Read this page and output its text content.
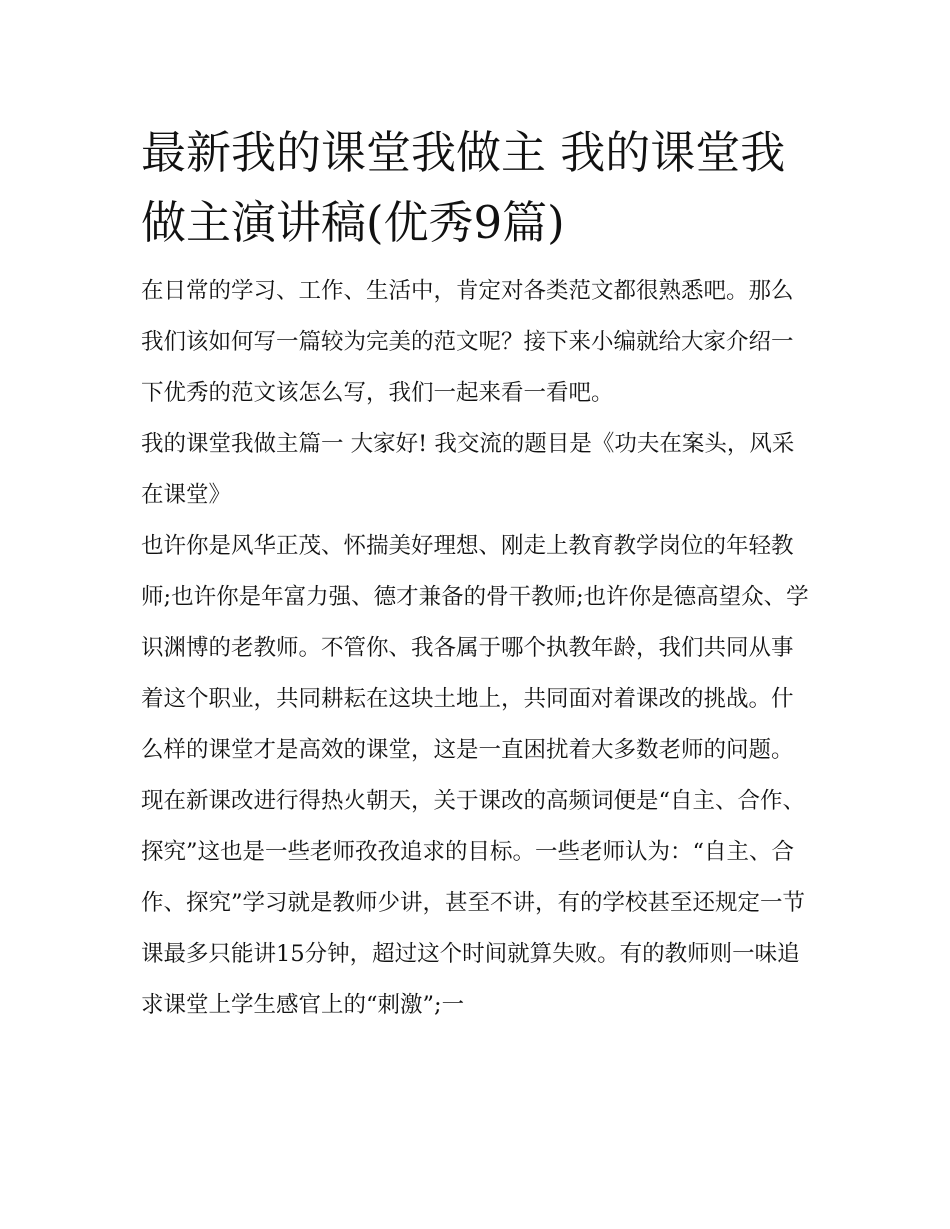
最新我的课堂我做主 我的课堂我做主演讲稿(优秀9篇)

在日常的学习、工作、生活中，肯定对各类范文都很熟悉吧。那么我们该如何写一篇较为完美的范文呢？接下来小编就给大家介绍一下优秀的范文该怎么写，我们一起来看一看吧。

我的课堂我做主篇一 大家好! 我交流的题目是《功夫在案头，风采在课堂》

也许你是风华正茂、怀揣美好理想、刚走上教育教学岗位的年轻教师;也许你是年富力强、德才兼备的骨干教师;也许你是德高望众、学识渊博的老教师。不管你、我各属于哪个执教年龄，我们共同从事着这个职业，共同耕耘在这块土地上，共同面对着课改的挑战。什么样的课堂才是高效的课堂，这是一直困扰着大多数老师的问题。

现在新课改进行得热火朝天，关于课改的高频词便是“自主、合作、探究”这也是一些老师孜孜追求的目标。一些老师认为：“自主、合作、探究”学习就是教师少讲，甚至不讲，有的学校甚至还规定一节课最多只能讲15分钟，超过这个时间就算失败。有的教师则一味追求课堂上学生感官上的“刺激”;一
